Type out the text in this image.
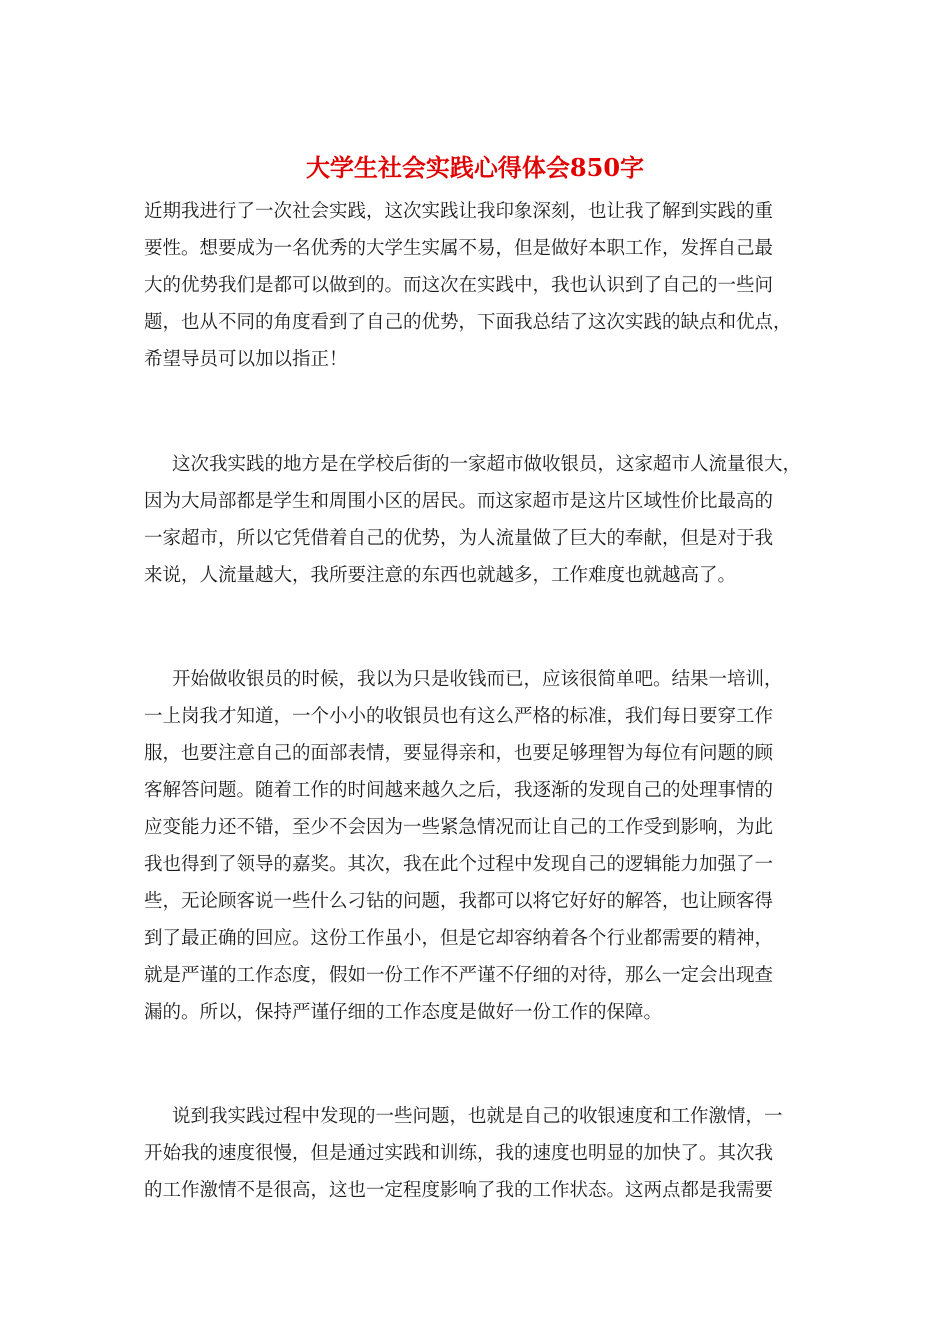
大学生社会实践心得体会850字

近期我进行了一次社会实践，这次实践让我印象深刻，也让我了解到实践的重

要性。想要成为一名优秀的大学生实属不易，但是做好本职工作，发挥自己最

大的优势我们是都可以做到的。而这次在实践中，我也认识到了自己的一些问

题，也从不同的角度看到了自己的优势，下面我总结了这次实践的缺点和优点，

希望导员可以加以指正！

这次我实践的地方是在学校后街的一家超市做收银员，这家超市人流量很大，

因为大局部都是学生和周围小区的居民。而这家超市是这片区域性价比最高的

一家超市，所以它凭借着自己的优势，为人流量做了巨大的奉献，但是对于我

来说，人流量越大，我所要注意的东西也就越多，工作难度也就越高了。

开始做收银员的时候，我以为只是收钱而已，应该很简单吧。结果一培训，

一上岗我才知道，一个小小的收银员也有这么严格的标准，我们每日要穿工作

服，也要注意自己的面部表情，要显得亲和，也要足够理智为每位有问题的顾

客解答问题。随着工作的时间越来越久之后，我逐渐的发现自己的处理事情的

应变能力还不错，至少不会因为一些紧急情况而让自己的工作受到影响，为此

我也得到了领导的嘉奖。其次，我在此个过程中发现自己的逻辑能力加强了一

些，无论顾客说一些什么刁钻的问题，我都可以将它好好的解答，也让顾客得

到了最正确的回应。这份工作虽小，但是它却容纳着各个行业都需要的精神，

就是严谨的工作态度，假如一份工作不严谨不仔细的对待，那么一定会出现查

漏的。所以，保持严谨仔细的工作态度是做好一份工作的保障。

说到我实践过程中发现的一些问题，也就是自己的收银速度和工作激情，一

开始我的速度很慢，但是通过实践和训练，我的速度也明显的加快了。其次我

的工作激情不是很高，这也一定程度影响了我的工作状态。这两点都是我需要
